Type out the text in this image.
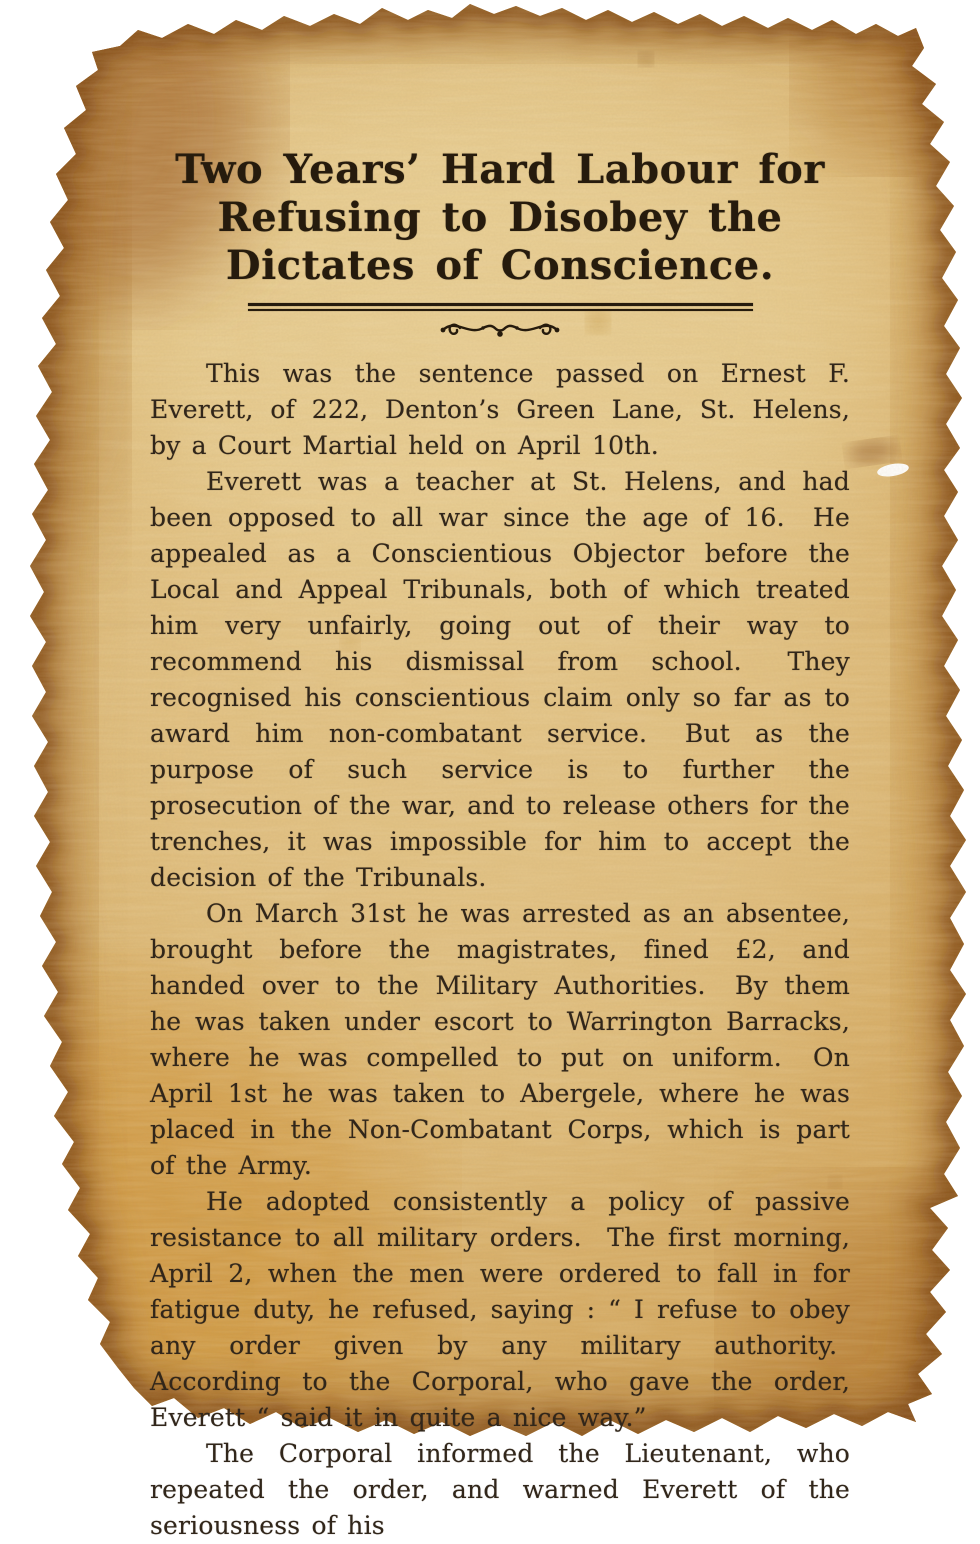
Two Years’ Hard Labour for
Refusing to Disobey the
Dictates of Conscience.

This was the sentence passed on Ernest F. Everett, of 222, Denton’s Green Lane, St. Helens, by a Court Martial held on April 10th.

Everett was a teacher at St. Helens, and had been opposed to all war since the age of 16.  He appealed as a Conscientious Objector before the Local and Appeal Tribunals, both of which treated him very unfairly, going out of their way to recommend his dismissal from school.  They recognised his conscientious claim only so far as to award him non-combatant service.  But as the purpose of such service is to further the prosecution of the war, and to release others for the trenches, it was impossible for him to accept the decision of the Tribunals.

On March 31st he was arrested as an absentee, brought before the magistrates, fined £2, and handed over to the Military Authorities.  By them he was taken under escort to Warrington Barracks, where he was compelled to put on uniform.  On April 1st he was taken to Abergele, where he was placed in the Non-Combatant Corps, which is part of the Army.

He adopted consistently a policy of passive resistance to all military orders.  The first morning, April 2, when the men were ordered to fall in for fatigue duty, he refused, saying : “ I refuse to obey any order given by any military authority.  According to the Corporal, who gave the order, Everett “ said it in quite a nice way.”

The Corporal informed the Lieutenant, who repeated the order, and warned Everett of the seriousness of his
